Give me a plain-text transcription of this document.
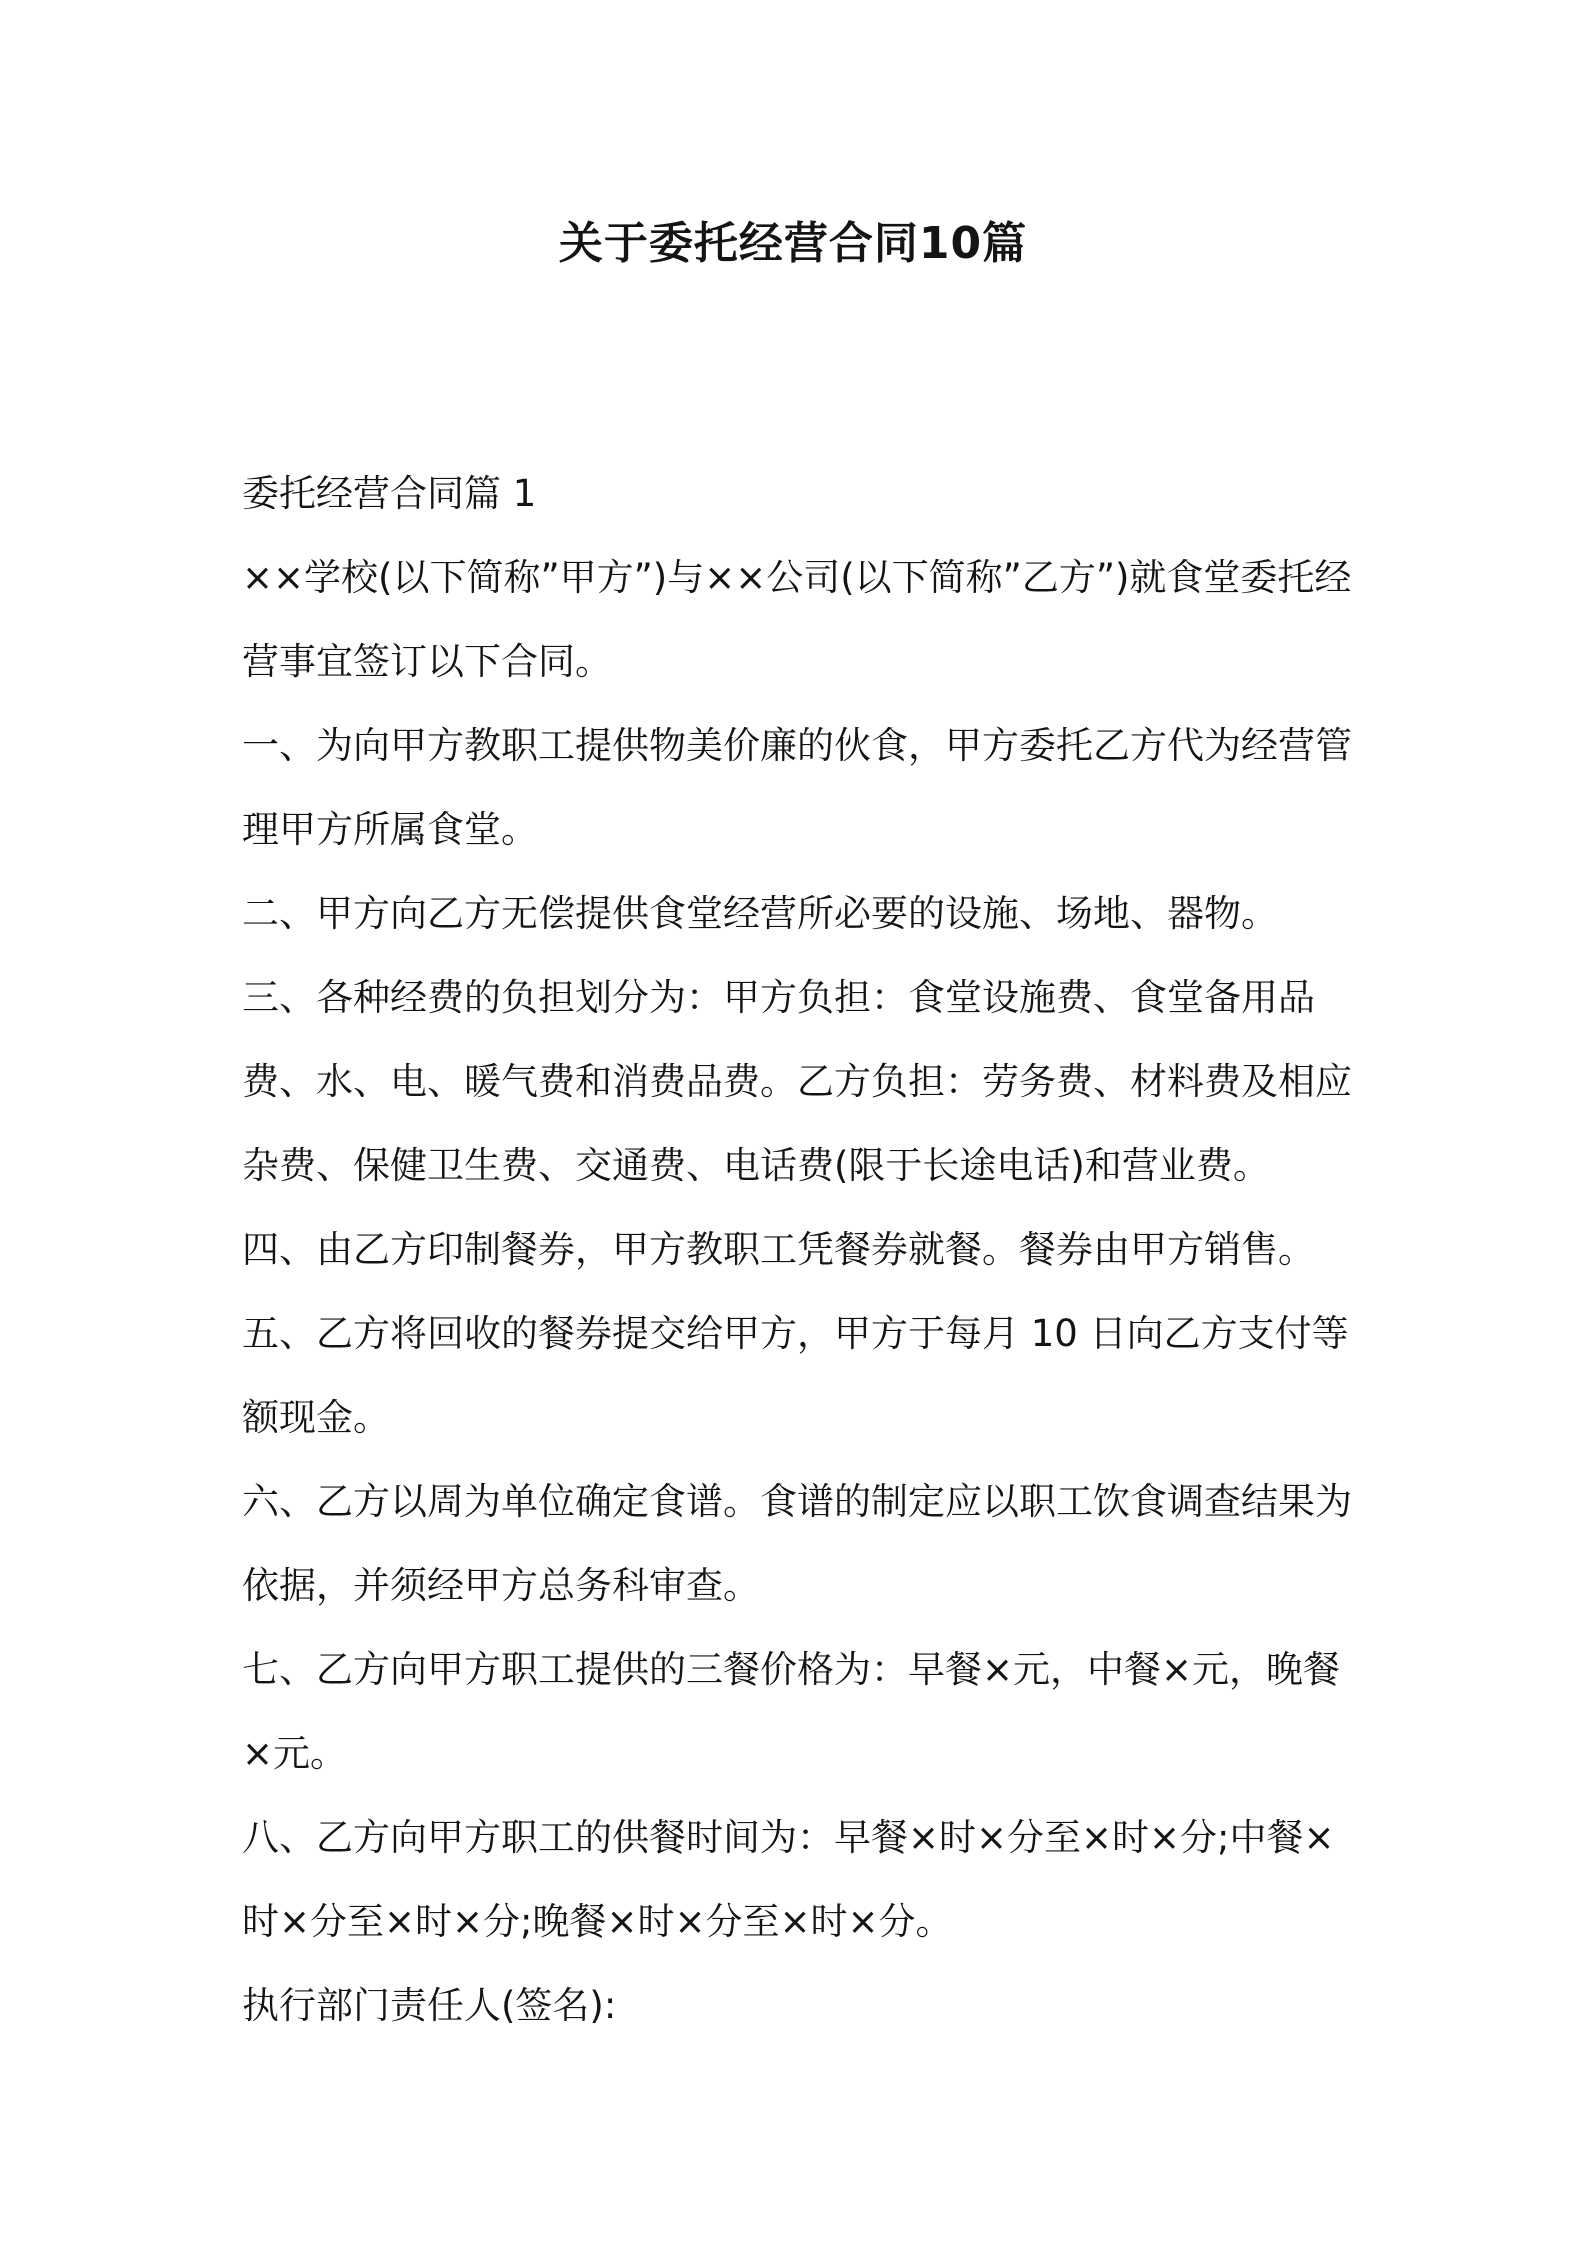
关于委托经营合同10篇

委托经营合同篇 1

××学校(以下简称”甲方”)与××公司(以下简称”乙方”)就食堂委托经营事宜签订以下合同。

一、为向甲方教职工提供物美价廉的伙食，甲方委托乙方代为经营管理甲方所属食堂。

二、甲方向乙方无偿提供食堂经营所必要的设施、场地、器物。

三、各种经费的负担划分为：甲方负担：食堂设施费、食堂备用品费、水、电、暖气费和消费品费。乙方负担：劳务费、材料费及相应杂费、保健卫生费、交通费、电话费(限于长途电话)和营业费。

四、由乙方印制餐券，甲方教职工凭餐券就餐。餐券由甲方销售。

五、乙方将回收的餐券提交给甲方，甲方于每月 10 日向乙方支付等额现金。

六、乙方以周为单位确定食谱。食谱的制定应以职工饮食调查结果为依据，并须经甲方总务科审查。

七、乙方向甲方职工提供的三餐价格为：早餐×元，中餐×元，晚餐×元。

八、乙方向甲方职工的供餐时间为：早餐×时×分至×时×分;中餐×时×分至×时×分;晚餐×时×分至×时×分。

执行部门责任人(签名):
